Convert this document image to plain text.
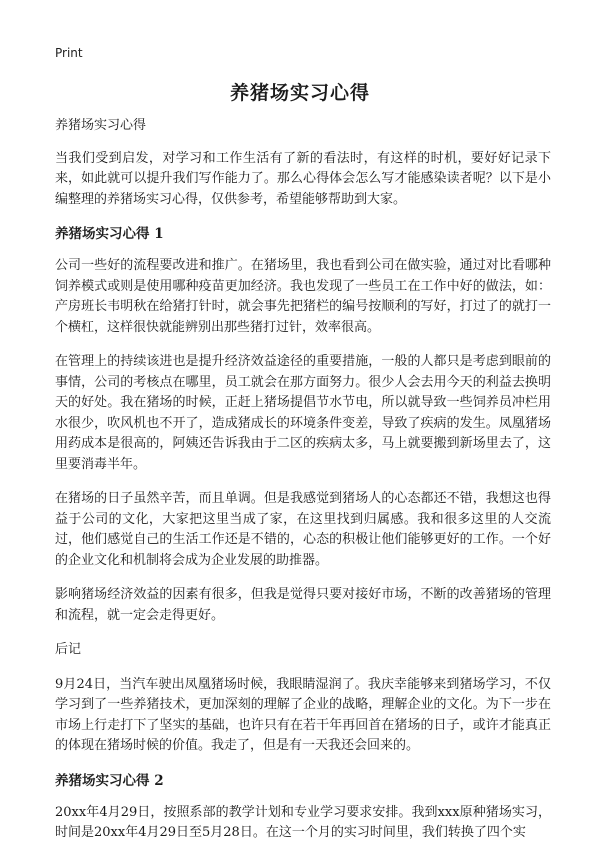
Print
养猪场实习心得

养猪场实习心得

当我们受到启发，对学习和工作生活有了新的看法时，有这样的时机，要好好记录下来，如此就可以提升我们写作能力了。那么心得体会怎么写才能感染读者呢？以下是小编整理的养猪场实习心得，仅供参考，希望能够帮助到大家。

养猪场实习心得 1

公司一些好的流程要改进和推广。在猪场里，我也看到公司在做实验，通过对比看哪种饲养模式或则是使用哪种疫苗更加经济。我也发现了一些员工在工作中好的做法，如：产房班长韦明秋在给猪打针时，就会事先把猪栏的编号按顺利的写好，打过了的就打一个横杠，这样很快就能辨别出那些猪打过针，效率很高。

在管理上的持续该进也是提升经济效益途径的重要措施，一般的人都只是考虑到眼前的事情，公司的考核点在哪里，员工就会在那方面努力。很少人会去用今天的利益去换明天的好处。我在猪场的时候，正赶上猪场提倡节水节电，所以就导致一些饲养员冲栏用水很少，吹风机也不开了，造成猪成长的环境条件变差，导致了疾病的发生。凤凰猪场用药成本是很高的，阿姨还告诉我由于二区的疾病太多，马上就要搬到新场里去了，这里要消毒半年。

在猪场的日子虽然辛苦，而且单调。但是我感觉到猪场人的心态都还不错，我想这也得益于公司的文化，大家把这里当成了家，在这里找到归属感。我和很多这里的人交流过，他们感觉自己的生活工作还是不错的，心态的积极让他们能够更好的工作。一个好的企业文化和机制将会成为企业发展的助推器。

影响猪场经济效益的因素有很多，但我是觉得只要对接好市场，不断的改善猪场的管理和流程，就一定会走得更好。

后记

9月24日，当汽车驶出凤凰猪场时候，我眼睛湿润了。我庆幸能够来到猪场学习，不仅学习到了一些养猪技术，更加深刻的理解了企业的战略，理解企业的文化。为下一步在市场上行走打下了坚实的基础，也许只有在若干年再回首在猪场的日子，或许才能真正的体现在猪场时候的价值。我走了，但是有一天我还会回来的。

养猪场实习心得 2

20xx年4月29日，按照系部的教学计划和专业学习要求安排。我到xxx原种猪场实习，时间是20xx年4月29日至5月28日。在这一个月的实习时间里，我们转换了四个实
